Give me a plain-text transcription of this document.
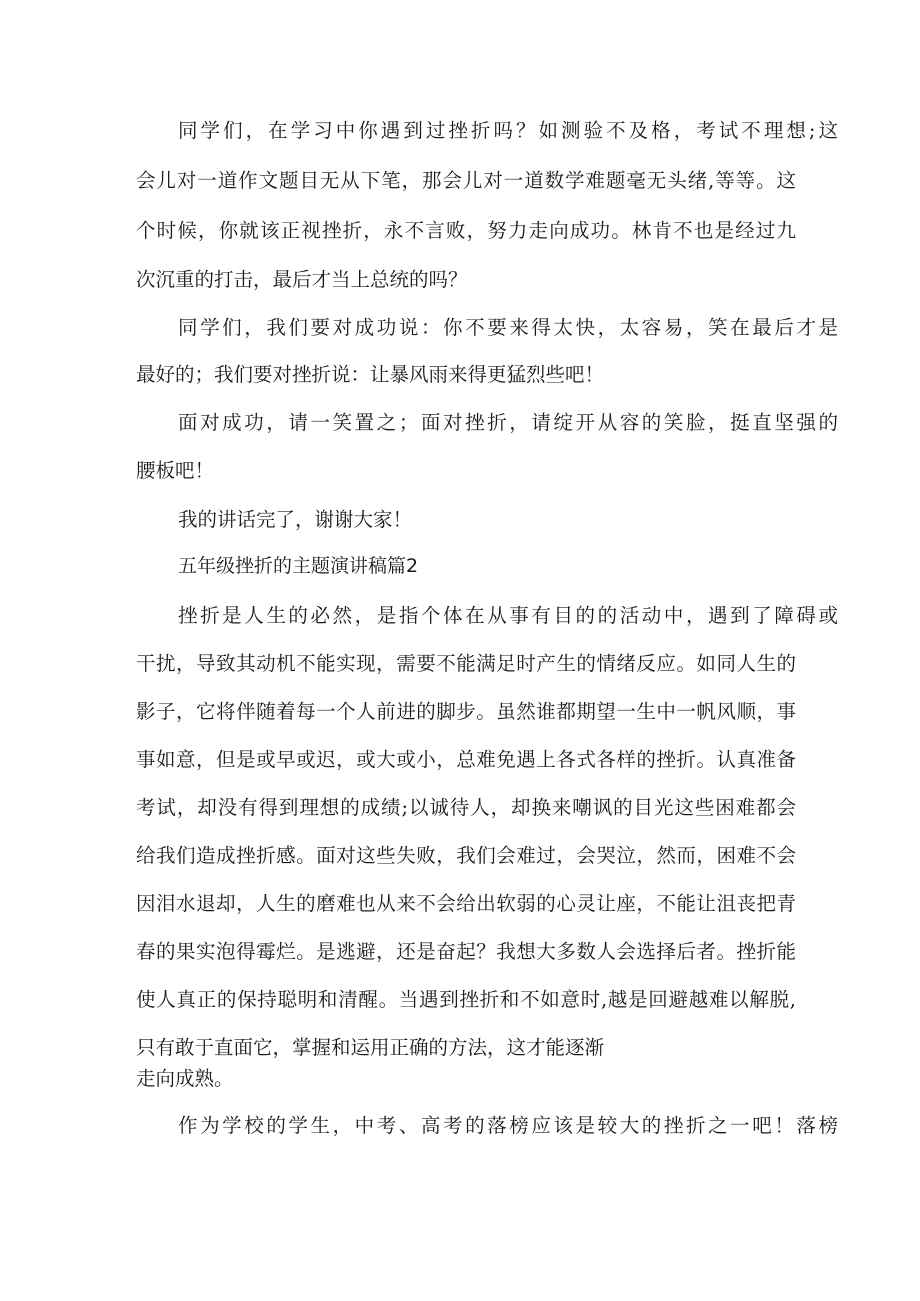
同学们，在学习中你遇到过挫折吗？如测验不及格，考试不理想;这

会儿对一道作文题目无从下笔，那会儿对一道数学难题毫无头绪,等等。这

个时候，你就该正视挫折，永不言败，努力走向成功。林肯不也是经过九

次沉重的打击，最后才当上总统的吗？

同学们，我们要对成功说：你不要来得太快，太容易，笑在最后才是

最好的；我们要对挫折说：让暴风雨来得更猛烈些吧！

面对成功，请一笑置之；面对挫折，请绽开从容的笑脸，挺直坚强的

腰板吧！

我的讲话完了，谢谢大家！

五年级挫折的主题演讲稿篇2

挫折是人生的必然，是指个体在从事有目的的活动中，遇到了障碍或

干扰，导致其动机不能实现，需要不能满足时产生的情绪反应。如同人生的

影子，它将伴随着每一个人前进的脚步。虽然谁都期望一生中一帆风顺，事

事如意，但是或早或迟，或大或小，总难免遇上各式各样的挫折。认真准备

考试，却没有得到理想的成绩;以诚待人，却换来嘲讽的目光这些困难都会

给我们造成挫折感。面对这些失败，我们会难过，会哭泣，然而，困难不会

因泪水退却，人生的磨难也从来不会给出软弱的心灵让座，不能让沮丧把青

春的果实泡得霉烂。是逃避，还是奋起？我想大多数人会选择后者。挫折能

使人真正的保持聪明和清醒。当遇到挫折和不如意时,越是回避越难以解脱,

只有敢于直面它，掌握和运用正确的方法，这才能逐渐

走向成熟。

作为学校的学生，中考、高考的落榜应该是较大的挫折之一吧！落榜
